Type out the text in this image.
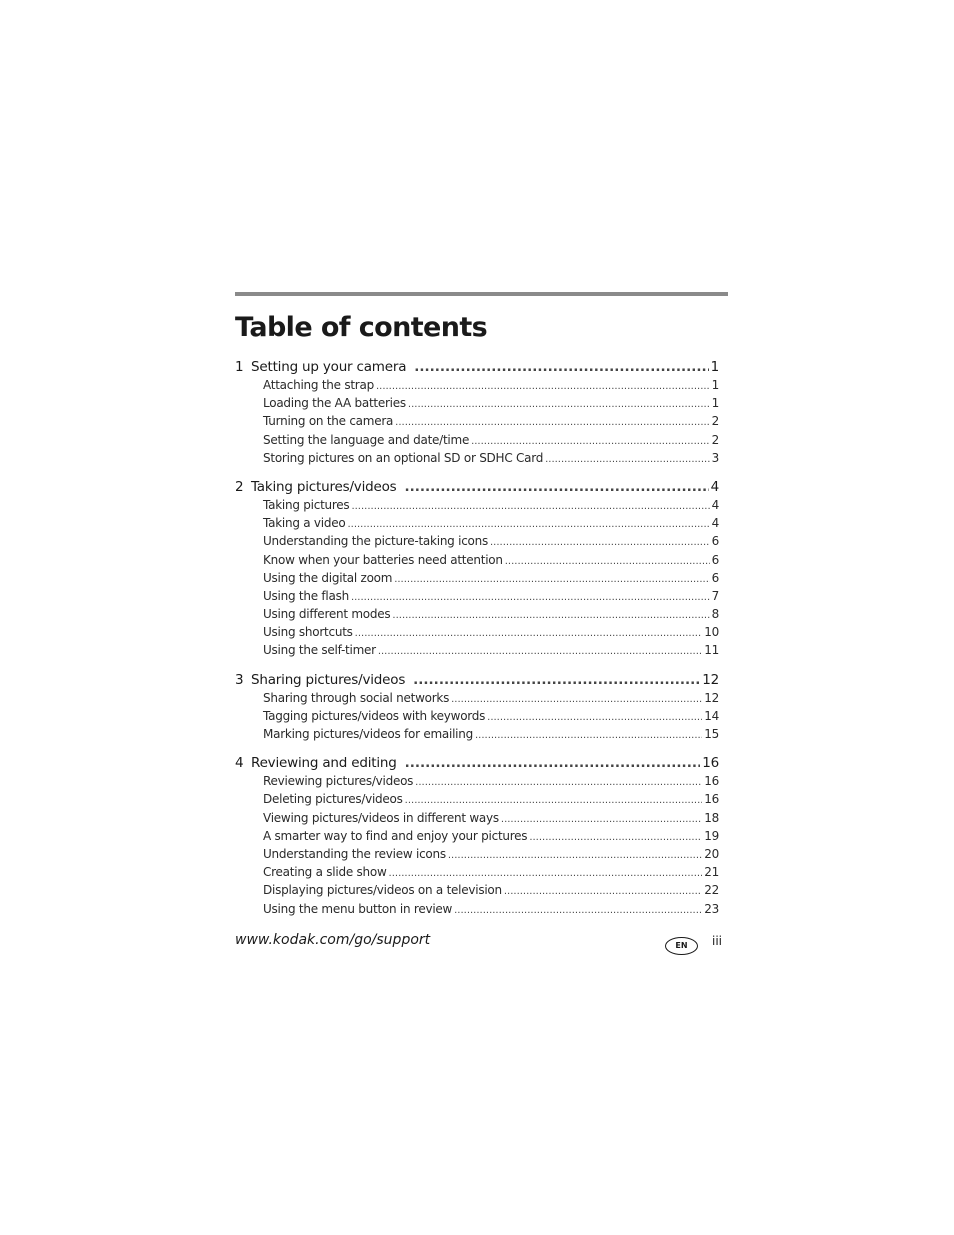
Table of contents
1 Setting up your camera .....	1
Attaching the strap .....	1
Loading the AA batteries .....	1
Turning on the camera .....	2
Setting the language and date/time .....	2
Storing pictures on an optional SD or SDHC Card .....	3
2 Taking pictures/videos .....	4
Taking pictures .....	4
Taking a video .....	4
Understanding the picture-taking icons .....	6
Know when your batteries need attention .....	6
Using the digital zoom .....	6
Using the flash .....	7
Using different modes .....	8
Using shortcuts .....	10
Using the self-timer .....	11
3 Sharing pictures/videos .....	12
Sharing through social networks .....	12
Tagging pictures/videos with keywords .....	14
Marking pictures/videos for emailing .....	15
4 Reviewing and editing .....	16
Reviewing pictures/videos .....	16
Deleting pictures/videos .....	16
Viewing pictures/videos in different ways .....	18
A smarter way to find and enjoy your pictures .....	19
Understanding the review icons .....	20
Creating a slide show .....	21
Displaying pictures/videos on a television .....	22
Using the menu button in review .....	23
www.kodak.com/go/support	EN	iii
